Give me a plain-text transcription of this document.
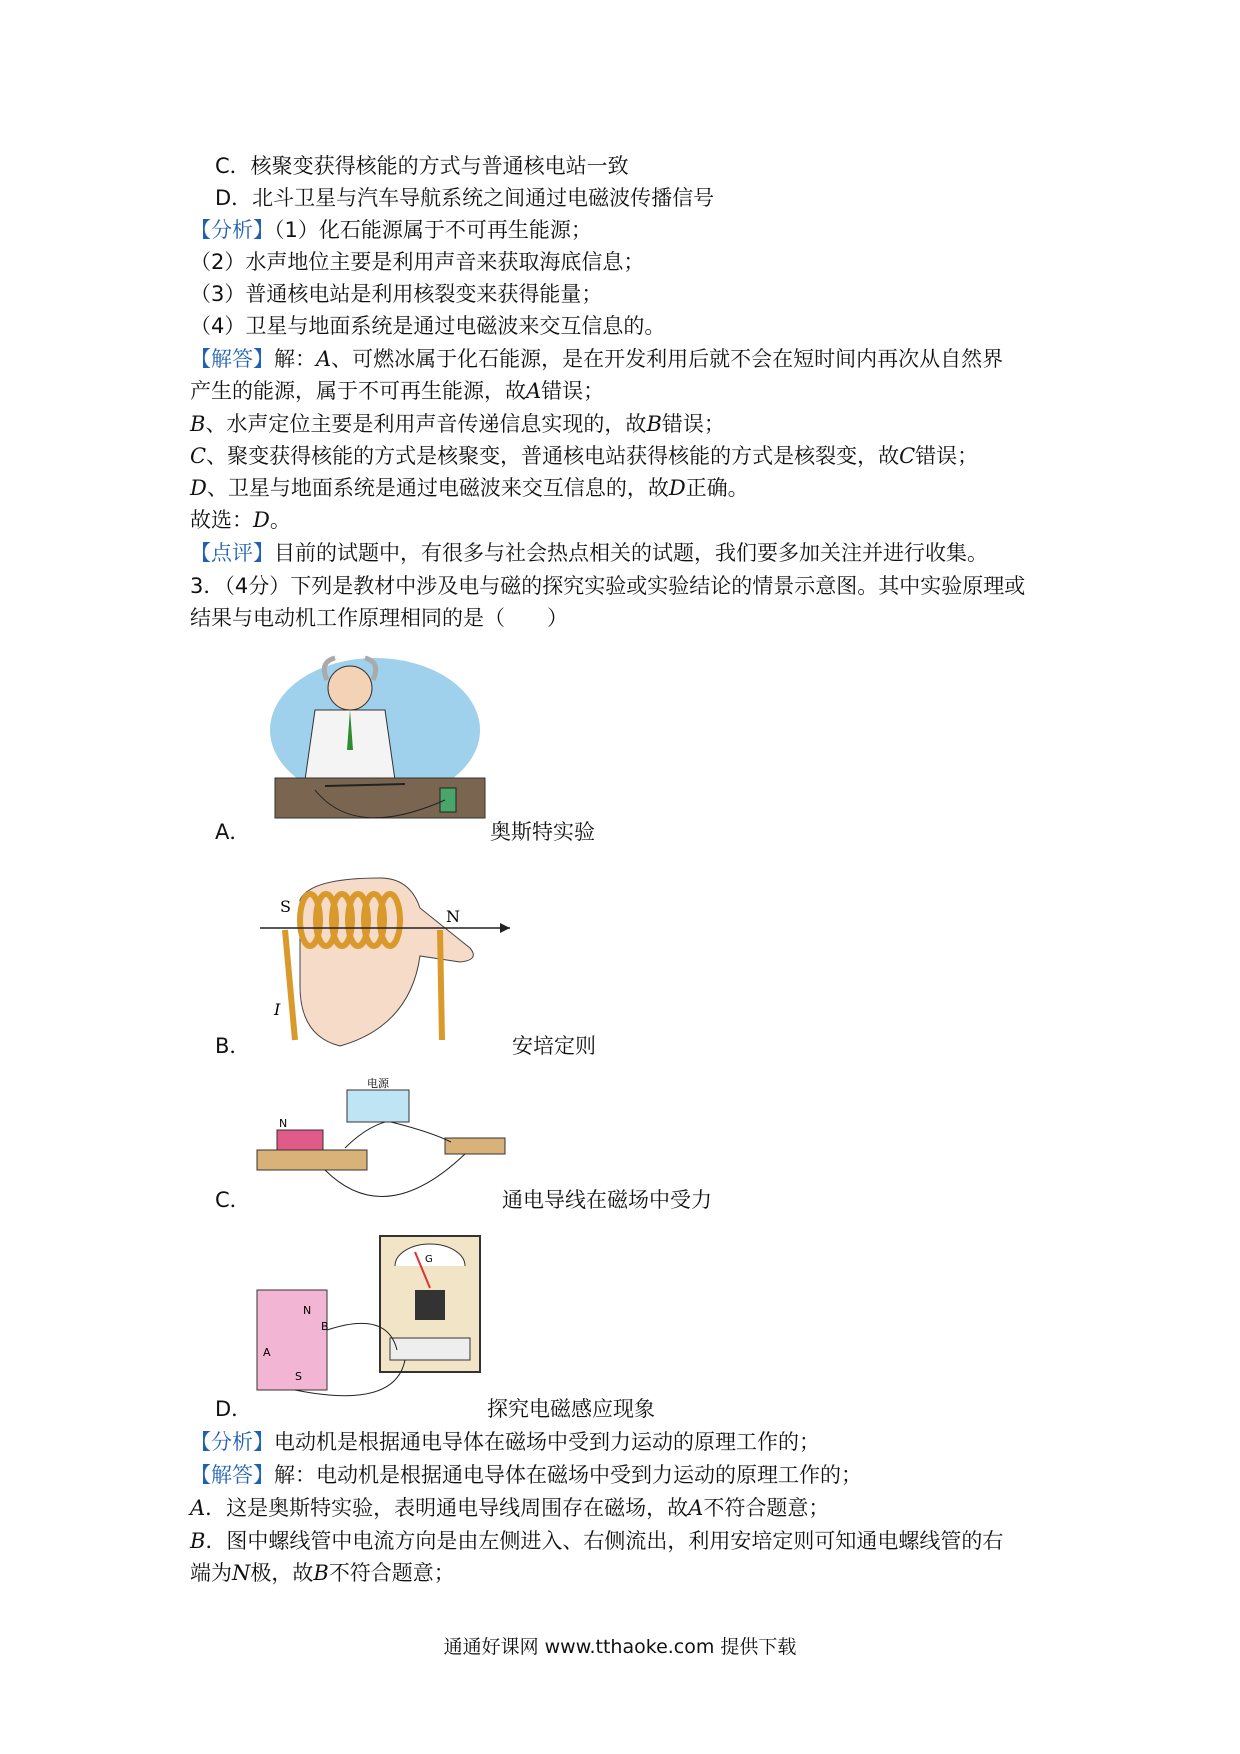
C．核聚变获得核能的方式与普通核电站一致
D．北斗卫星与汽车导航系统之间通过电磁波传播信号
【分析】（1）化石能源属于不可再生能源；
（2）水声地位主要是利用声音来获取海底信息；
（3）普通核电站是利用核裂变来获得能量；
（4）卫星与地面系统是通过电磁波来交互信息的。
【解答】解：A、可燃冰属于化石能源，是在开发利用后就不会在短时间内再次从自然界
产生的能源，属于不可再生能源，故A错误；
B、水声定位主要是利用声音传递信息实现的，故B错误；
C、聚变获得核能的方式是核聚变，普通核电站获得核能的方式是核裂变，故C错误；
D、卫星与地面系统是通过电磁波来交互信息的，故D正确。
故选：D。
【点评】目前的试题中，有很多与社会热点相关的试题，我们要多加关注并进行收集。
3．（4分）下列是教材中涉及电与磁的探究实验或实验结论的情景示意图。其中实验原理或
结果与电动机工作原理相同的是（　　）
A．	奥斯特实验
S
N
I
B．	安培定则
电源
N
C．	通电导线在磁场中受力
G
N
S
A
B
D．	探究电磁感应现象
【分析】电动机是根据通电导体在磁场中受到力运动的原理工作的；
【解答】解：电动机是根据通电导体在磁场中受到力运动的原理工作的；
A．这是奥斯特实验，表明通电导线周围存在磁场，故A不符合题意；
B．图中螺线管中电流方向是由左侧进入、右侧流出，利用安培定则可知通电螺线管的右
端为N极，故B不符合题意；
通通好课网 www.tthaoke.com 提供下载
